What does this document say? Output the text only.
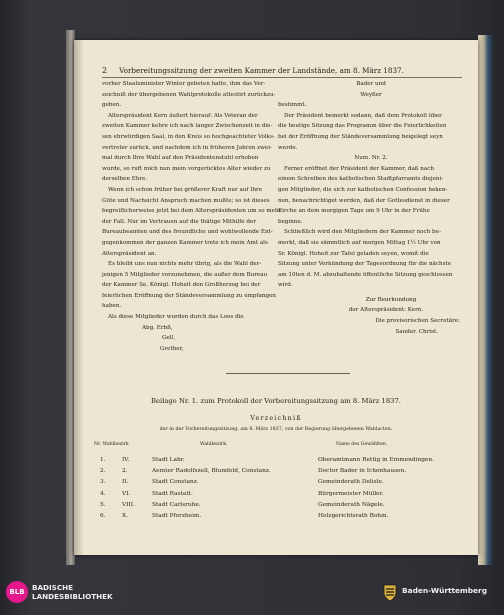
2 Vorbereitungssitzung der zweiten Kammer der Landstände, am 8. März 1837.

vorher Staatsminister Winter gebeten hatte, ihm das Ver-

zeichniß der übergebenen Wahlprotokolle attestirt zurückzu-

geben.

Alterspräsident Kern äußert hierauf: Als Veteran der

zweiten Kammer kehre ich nach langer Zwischenzeit in die-

sen ehrwürdigen Saal, in den Kreis so hochgeachteter Volks-

vertreter zurück, und nachdem ich in früheren Jahren zwei-

mal durch Ihre Wahl auf den Präsidentenstuhl erhoben

wurde, so ruft mich nun mein vorgerücktes Alter wieder zu

derselben Ehre.

Wenn ich schon früher bei größerer Kraft nur auf Ihre

Güte und Nachsicht Anspruch machen mußte; so ist dieses

begreiflicherweise jetzt bei dem Alterspräsidenten um so mehr

der Fall. Nur im Vertrauen auf die thätige Mithilfe der

Bureaubeamten und des freundliche und wohlwollende Ent-

gegenkommen der ganzen Kammer trete ich mein Amt als

Alterspräsident an.

Es bleibt uns nun nichts mehr übrig, als die Wahl der-

jenigen 5 Mitglieder vorzunehmen, die außer dem Bureau

der Kammer Se. Königl. Hoheit den Großherzog bei der

feierlichen Eröffnung der Ständeversammlung zu empfangen

haben.

Als diese Mitglieder wurden durch das Loos die

Abg. Erbß,

Gell,

Grether,

Bader und

Weyßer

bestimmt.

Der Präsident bemerkt sodann, daß dem Protokoll über

die heutige Sitzung das Programm über die Feierlichkeiten

bei der Eröffnung der Ständeversammlung beigelegt seyn

werde.

Num. Nr. 2.

Ferner eröffnet der Präsident der Kammer, daß nach

einem Schreiben des katholischen Stadtpfarramts diejeni-

gen Mitglieder, die sich zur katholischen Confession beken-

nen, benachrichtiget werden, daß der Gottesdienst in dieser

Kirche an dem morgigen Tage um 9 Uhr in der Frühe

beginne.

Schließlich wird den Mitgliedern der Kammer noch be-

merkt, daß sie sämmtlich auf morgen Mittag 1½ Uhr von

Sr. Königl. Hoheit zur Tafel geladen seyen, womit die

Sitzung unter Verkündung der Tagesordnung für die nächste

am 10ten d. M. abzuhaltende öffentliche Sitzung geschlossen

wird.

Zur Beurkundung

der Alterspräsident: Kern.

Die provisorischen Secretäre:

Sander. Christ.

Beilage Nr. 1. zum Protokoll der Vorbereitungssitzung am 8. März 1837.
Verzeichniß
der in der Vorbereitungssitzung, am 8. März 1837, von der Regierung übergebenen Wahlacten.
Nr. Wahlbezirk	Wahlbezirk.	Name des Gewählten.
1.	IV.	Stadt Lahr.	Oberamtmann Rettig in Emmendingen.
2.	2.	Aemter Radolfszell, Blumfeld, Constanz.	Doctor Bader in Ichenhausen.
3.	II.	Stadt Constanz.	Gemeinderath Delisle.
4.	VI.	Stadt Rastatt.	Bürgermeister Müller.
5.	VIII.	Stadt Carlsruhe.	Gemeinderath Nägele.
6.	X.	Stadt Pforzheim.	Holzgerichtsrath Bohm.
BLB BADISCHE
LANDESBIBLIOTHEK
Baden-Württemberg
